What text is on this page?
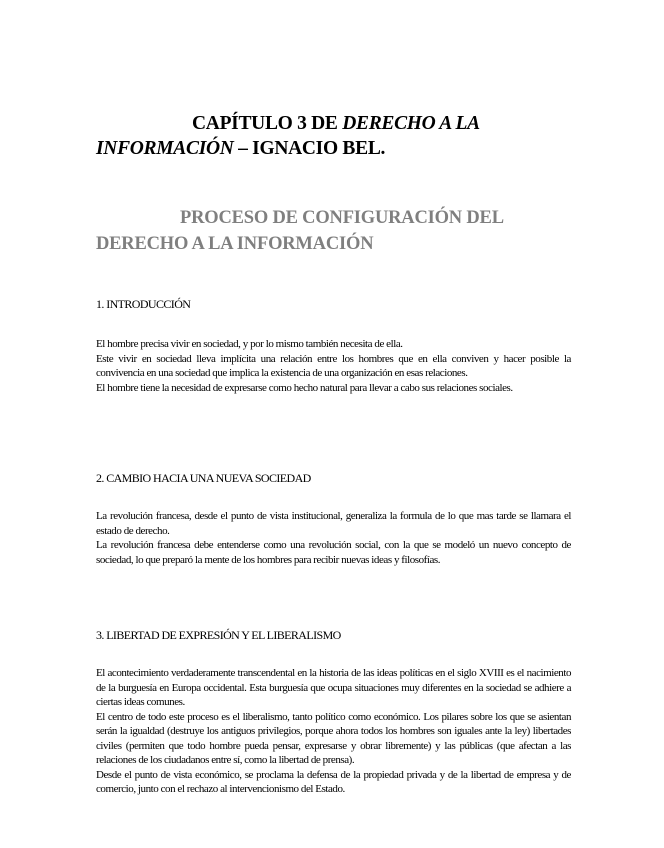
CAPÍTULO 3 DE DERECHO A LA
INFORMACIÓN – IGNACIO BEL.
PROCESO DE CONFIGURACIÓN DEL
DERECHO A LA INFORMACIÓN
1. INTRODUCCIÓN

El hombre precisa vivir en sociedad, y por lo mismo también necesita de ella.

Este vivir en sociedad lleva implícita una relación entre los hombres que en ella conviven y hacer posible la convivencia en una sociedad que implica la existencia de una organización en esas relaciones.

El hombre tiene la necesidad de expresarse como hecho natural para llevar a cabo sus relaciones sociales.

2. CAMBIO HACIA UNA NUEVA SOCIEDAD

La revolución francesa, desde el punto de vista institucional, generaliza la formula de lo que mas tarde se llamara el estado de derecho.

La revolución francesa debe entenderse como una revolución social, con la que se modeló un nuevo concepto de sociedad, lo que preparó la mente de los hombres para recibir nuevas ideas y filosofías.

3. LIBERTAD DE EXPRESIÓN Y EL LIBERALISMO

El acontecimiento verdaderamente transcendental en la historia de las ideas políticas en el siglo XVIII es el nacimiento de la burguesía en Europa occidental. Esta burguesía que ocupa situaciones muy diferentes en la sociedad se adhiere a ciertas ideas comunes.

El centro de todo este proceso es el liberalismo, tanto político como económico. Los pilares sobre los que se asientan serán la igualdad (destruye los antiguos privilegios, porque ahora todos los hombres son iguales ante la ley) libertades civiles (permiten que todo hombre pueda pensar, expresarse y obrar libremente) y las públicas (que afectan a las relaciones de los ciudadanos entre sí, como la libertad de prensa).

Desde el punto de vista económico, se proclama la defensa de la propiedad privada y de la libertad de empresa y de comercio, junto con el rechazo al intervencionismo del Estado.
